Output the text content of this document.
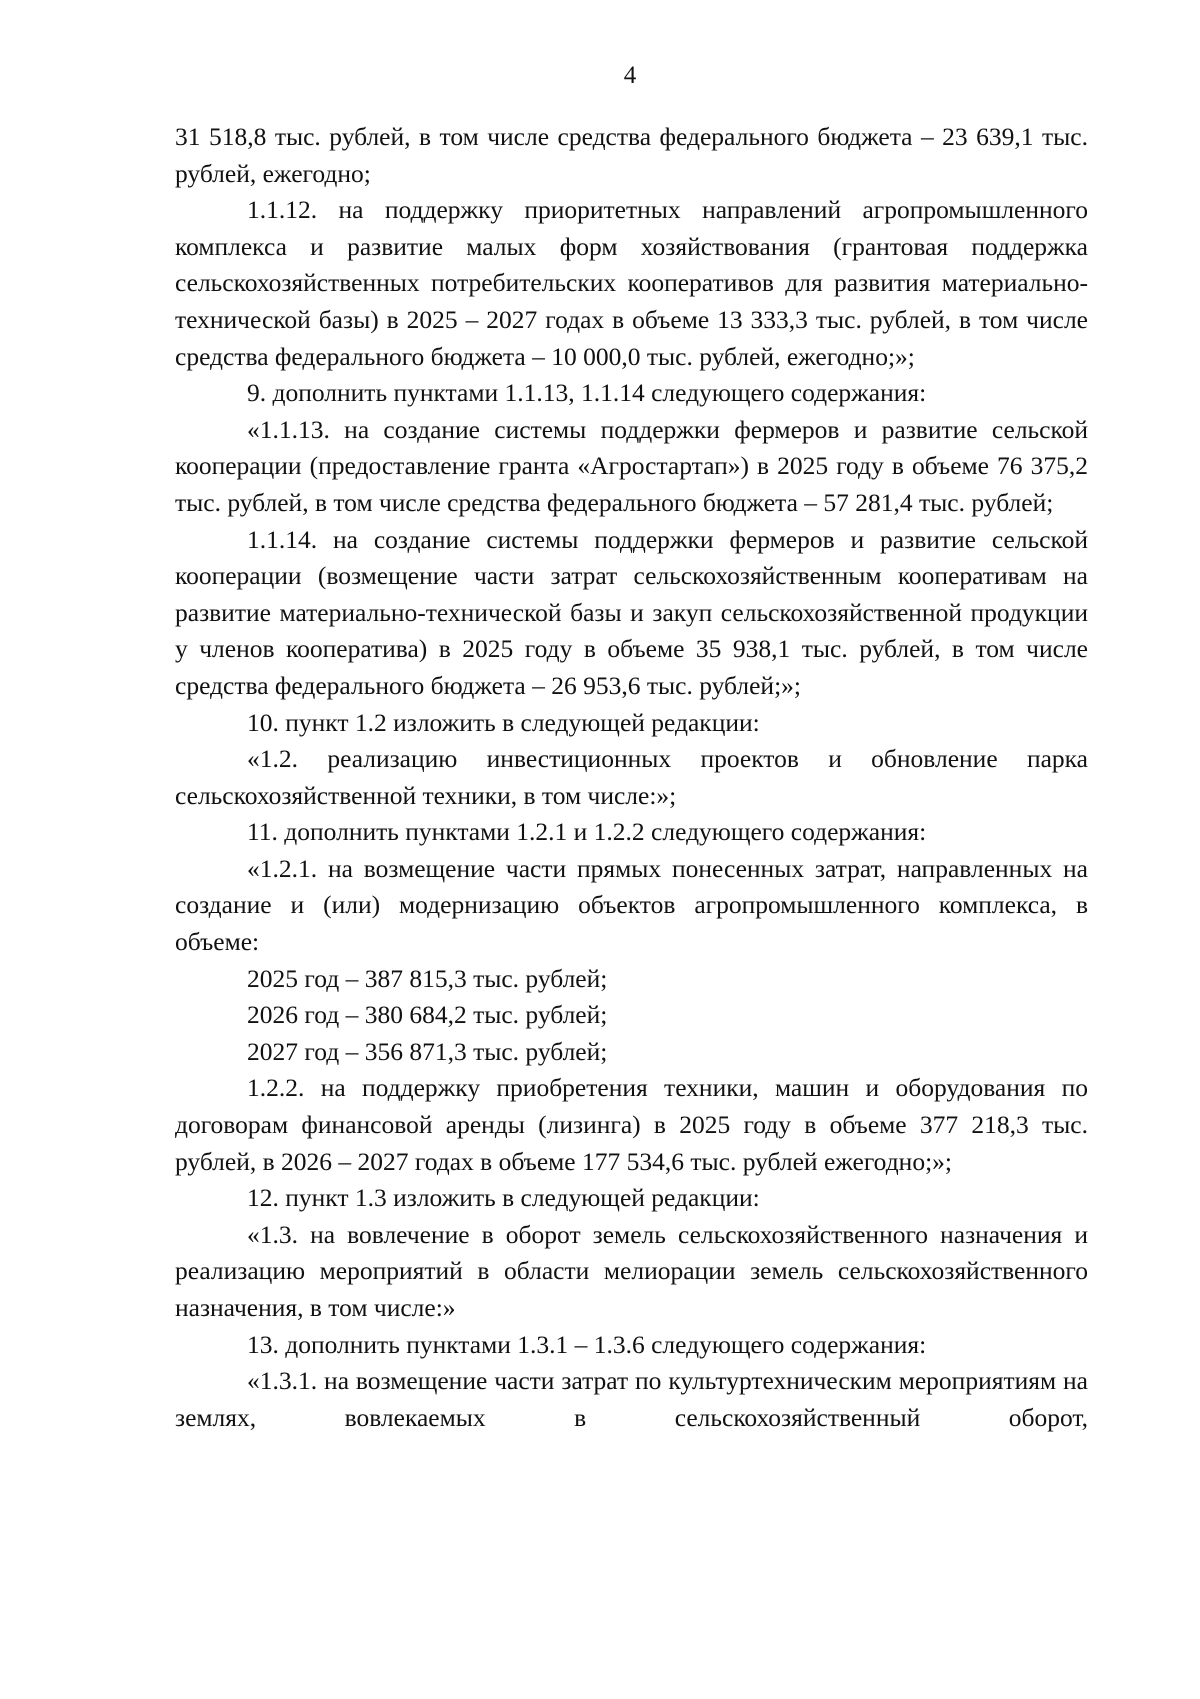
4

31 518,8 тыс. рублей, в том числе средства федерального бюджета – 23 639,1 тыс. рублей, ежегодно;

1.1.12. на поддержку приоритетных направлений агропромышленного комплекса и развитие малых форм хозяйствования (грантовая поддержка сельскохозяйственных потребительских кооперативов для развития материально-технической базы) в 2025 – 2027 годах в объеме 13 333,3 тыс. рублей, в том числе средства федерального бюджета – 10 000,0 тыс. рублей, ежегодно;»;

9. дополнить пунктами 1.1.13, 1.1.14 следующего содержания:

«1.1.13. на создание системы поддержки фермеров и развитие сельской кооперации (предоставление гранта «Агростартап») в 2025 году в объеме 76 375,2 тыс. рублей, в том числе средства федерального бюджета – 57 281,4 тыс. рублей;

1.1.14. на создание системы поддержки фермеров и развитие сельской кооперации (возмещение части затрат сельскохозяйственным кооперативам на развитие материально-технической базы и закуп сельскохозяйственной продукции у членов кооператива) в 2025 году в объеме 35 938,1 тыс. рублей, в том числе средства федерального бюджета – 26 953,6 тыс. рублей;»;

10. пункт 1.2 изложить в следующей редакции:

«1.2. реализацию инвестиционных проектов и обновление парка сельскохозяйственной техники, в том числе:»;

11. дополнить пунктами 1.2.1 и 1.2.2 следующего содержания:

«1.2.1. на возмещение части прямых понесенных затрат, направленных на создание и (или) модернизацию объектов агропромышленного комплекса, в объеме:

2025 год – 387 815,3 тыс. рублей;

2026 год – 380 684,2 тыс. рублей;

2027 год – 356 871,3 тыс. рублей;

1.2.2. на поддержку приобретения техники, машин и оборудования по договорам финансовой аренды (лизинга) в 2025 году в объеме 377 218,3 тыс. рублей, в 2026 – 2027 годах в объеме 177 534,6 тыс. рублей ежегодно;»;

12. пункт 1.3 изложить в следующей редакции:

«1.3. на вовлечение в оборот земель сельскохозяйственного назначения и реализацию мероприятий в области мелиорации земель сельскохозяйственного назначения, в том числе:»

13. дополнить пунктами 1.3.1 – 1.3.6 следующего содержания:

«1.3.1. на возмещение части затрат по культуртехническим мероприятиям на землях, вовлекаемых в сельскохозяйственный оборот,
